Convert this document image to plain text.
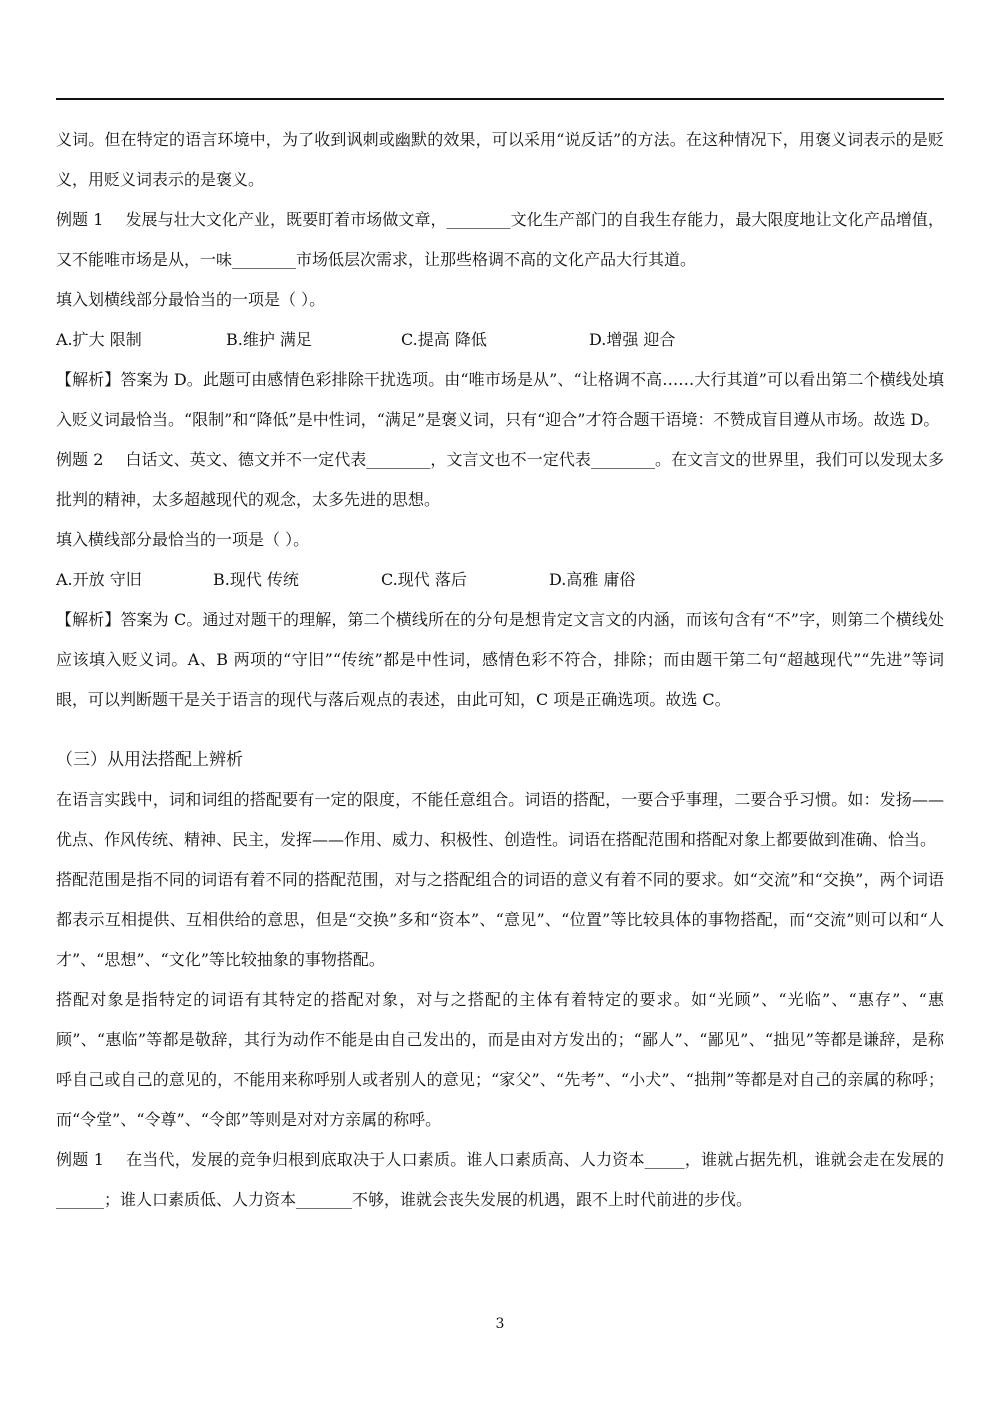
义词。但在特定的语言环境中，为了收到讽刺或幽默的效果，可以采用“说反话”的方法。在这种情况下，用褒义词表示的是贬义，用贬义词表示的是褒义。

例题 1 发展与壮大文化产业，既要盯着市场做文章，________文化生产部门的自我生存能力，最大限度地让文化产品增值，又不能唯市场是从，一味________市场低层次需求，让那些格调不高的文化产品大行其道。

填入划横线部分最恰当的一项是（ ）。

A.扩大 限制	B.维护 满足	C.提高 降低	D.增强 迎合

【解析】答案为 D。此题可由感情色彩排除干扰选项。由“唯市场是从”、“让格调不高……大行其道”可以看出第二个横线处填入贬义词最恰当。“限制”和“降低”是中性词，“满足”是褒义词，只有“迎合”才符合题干语境：不赞成盲目遵从市场。故选 D。

例题 2 白话文、英文、德文并不一定代表________，文言文也不一定代表________。在文言文的世界里，我们可以发现太多批判的精神，太多超越现代的观念，太多先进的思想。

填入横线部分最恰当的一项是（ ）。

A.开放 守旧	B.现代 传统	C.现代 落后	D.高雅 庸俗

【解析】答案为 C。通过对题干的理解，第二个横线所在的分句是想肯定文言文的内涵，而该句含有“不”字，则第二个横线处应该填入贬义词。A、B 两项的“守旧”“传统”都是中性词，感情色彩不符合，排除；而由题干第二句“超越现代”“先进”等词眼，可以判断题干是关于语言的现代与落后观点的表述，由此可知，C 项是正确选项。故选 C。

（三）从用法搭配上辨析

在语言实践中，词和词组的搭配要有一定的限度，不能任意组合。词语的搭配，一要合乎事理，二要合乎习惯。如：发扬——优点、作风传统、精神、民主，发挥——作用、威力、积极性、创造性。词语在搭配范围和搭配对象上都要做到准确、恰当。

搭配范围是指不同的词语有着不同的搭配范围，对与之搭配组合的词语的意义有着不同的要求。如“交流”和“交换”，两个词语都表示互相提供、互相供给的意思，但是“交换”多和“资本”、“意见”、“位置”等比较具体的事物搭配，而“交流”则可以和“人才”、“思想”、“文化”等比较抽象的事物搭配。

搭配对象是指特定的词语有其特定的搭配对象，对与之搭配的主体有着特定的要求。如“光顾”、“光临”、“惠存”、“惠顾”、“惠临”等都是敬辞，其行为动作不能是由自己发出的，而是由对方发出的；“鄙人”、“鄙见”、“拙见”等都是谦辞，是称呼自己或自己的意见的，不能用来称呼别人或者别人的意见；“家父”、“先考”、“小犬”、“拙荆”等都是对自己的亲属的称呼；而“令堂”、“令尊”、“令郎”等则是对对方亲属的称呼。

例题 1 在当代，发展的竞争归根到底取决于人口素质。谁人口素质高、人力资本_____，谁就占据先机，谁就会走在发展的______；谁人口素质低、人力资本_______不够，谁就会丧失发展的机遇，跟不上时代前进的步伐。

3
